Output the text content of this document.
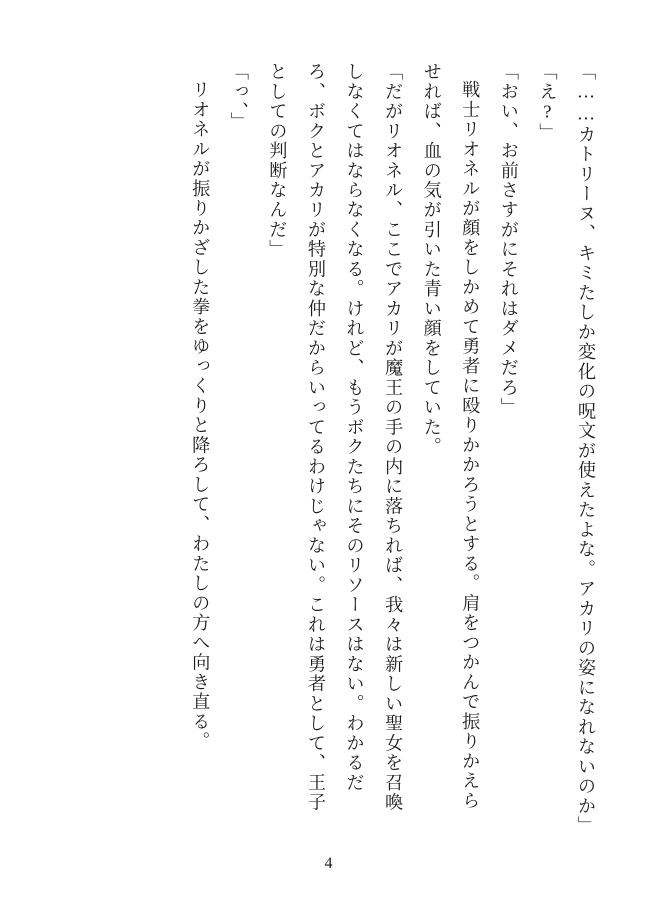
「……カトリーヌ、キミたしか変化の呪文が使えたよな。アカリの姿になれないのか」

「え?」

「おい、お前さすがにそれはダメだろ」

戦士リオネルが顔をしかめて勇者に殴りかかろうとする。肩をつかんで振りかえらせれば、血の気が引いた青い顔をしていた。

「だがリオネル、ここでアカリが魔王の手の内に落ちれば、我々は新しい聖女を召喚しなくてはならなくなる。けれど、もうボクたちにそのリソースはない。わかるだろ、ボクとアカリが特別な仲だからいってるわけじゃない。これは勇者として、王子としての判断なんだ」

「っ、」

リオネルが振りかざした拳をゆっくりと降ろして、わたしの方へ向き直る。

4
